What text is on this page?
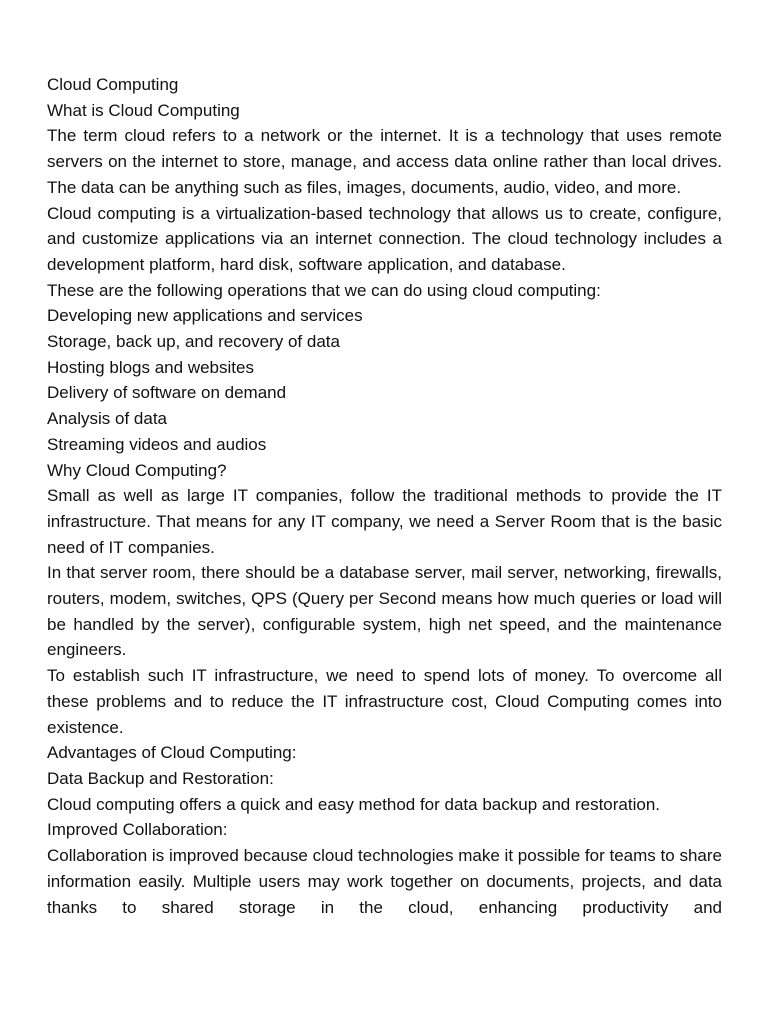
Cloud Computing

What is Cloud Computing

The term cloud refers to a network or the internet. It is a technology that uses remote servers on the internet to store, manage, and access data online rather than local drives. The data can be anything such as files, images, documents, audio, video, and more.

Cloud computing is a virtualization-based technology that allows us to create, configure, and customize applications via an internet connection. The cloud technology includes a development platform, hard disk, software application, and database.

These are the following operations that we can do using cloud computing:

Developing new applications and services

Storage, back up, and recovery of data

Hosting blogs and websites

Delivery of software on demand

Analysis of data

Streaming videos and audios

Why Cloud Computing?

Small as well as large IT companies, follow the traditional methods to provide the IT infrastructure. That means for any IT company, we need a Server Room that is the basic need of IT companies.

In that server room, there should be a database server, mail server, networking, firewalls, routers, modem, switches, QPS (Query per Second means how much queries or load will be handled by the server), configurable system, high net speed, and the maintenance engineers.

To establish such IT infrastructure, we need to spend lots of money. To overcome all these problems and to reduce the IT infrastructure cost, Cloud Computing comes into existence.

Advantages of Cloud Computing:

Data Backup and Restoration:

Cloud computing offers a quick and easy method for data backup and restoration.

Improved Collaboration:

Collaboration is improved because cloud technologies make it possible for teams to share information easily. Multiple users may work together on documents, projects, and data thanks to shared storage in the cloud, enhancing productivity and
